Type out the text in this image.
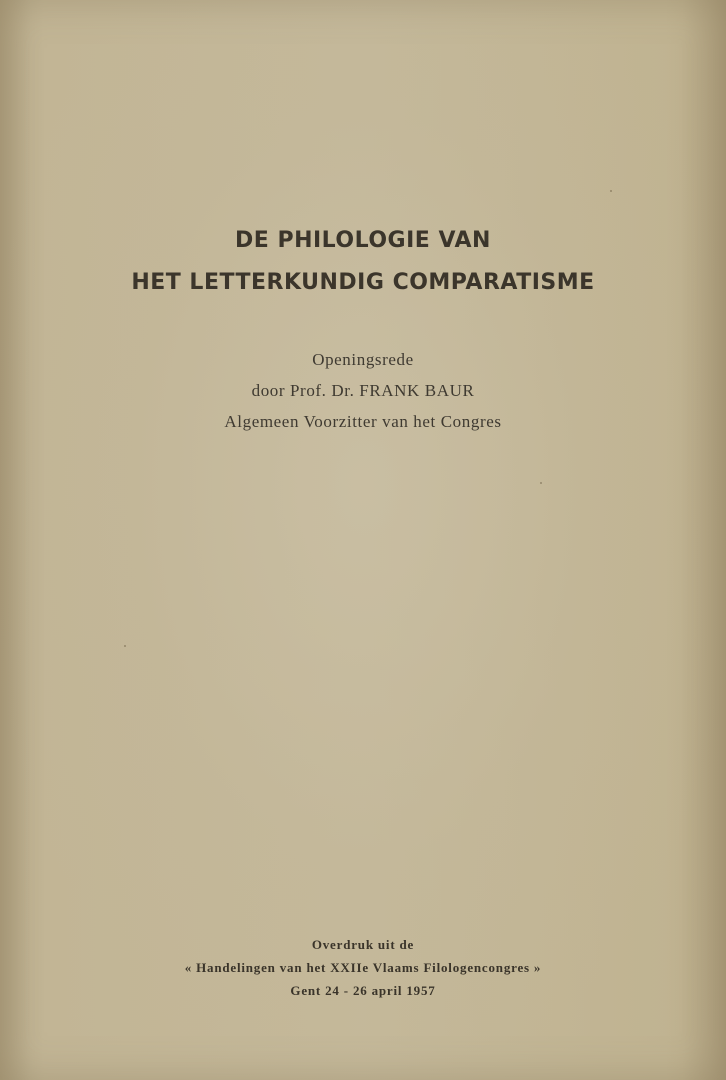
DE PHILOLOGIE VAN
HET LETTERKUNDIG COMPARATISME
Openingsrede
door Prof. Dr. FRANK BAUR
Algemeen Voorzitter van het Congres
Overdruk uit de
« Handelingen van het XXIIe Vlaams Filologencongres »
Gent 24 - 26 april 1957
